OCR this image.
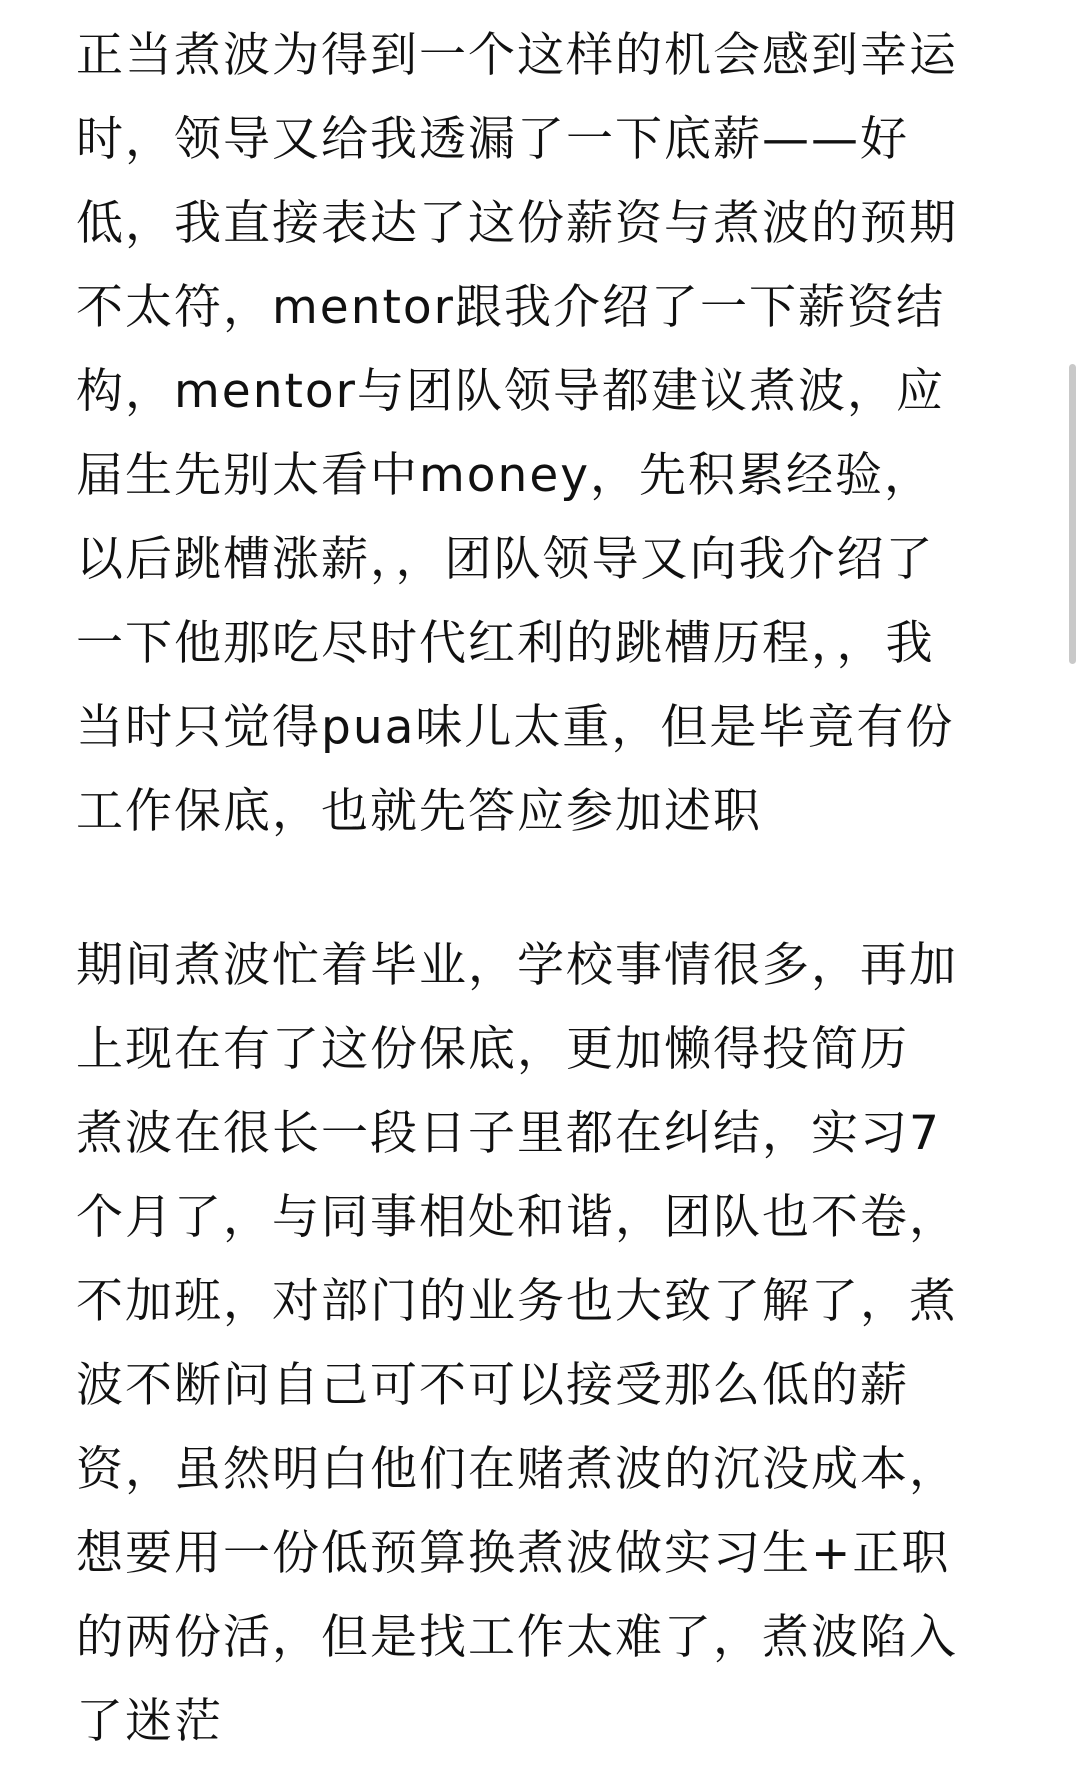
正当煮波为得到一个这样的机会感到幸运
时，领导又给我透漏了一下底薪——好
低，我直接表达了这份薪资与煮波的预期
不太符，mentor跟我介绍了一下薪资结
构，mentor与团队领导都建议煮波，应
届生先别太看中money，先积累经验，
以后跳槽涨薪，，团队领导又向我介绍了
一下他那吃尽时代红利的跳槽历程，，我
当时只觉得pua味儿太重，但是毕竟有份
工作保底，也就先答应参加述职

期间煮波忙着毕业，学校事情很多，再加
上现在有了这份保底，更加懒得投简历
煮波在很长一段日子里都在纠结，实习7
个月了，与同事相处和谐，团队也不卷，
不加班，对部门的业务也大致了解了，煮
波不断问自己可不可以接受那么低的薪
资，虽然明白他们在赌煮波的沉没成本，
想要用一份低预算换煮波做实习生+正职
的两份活，但是找工作太难了，煮波陷入
了迷茫
